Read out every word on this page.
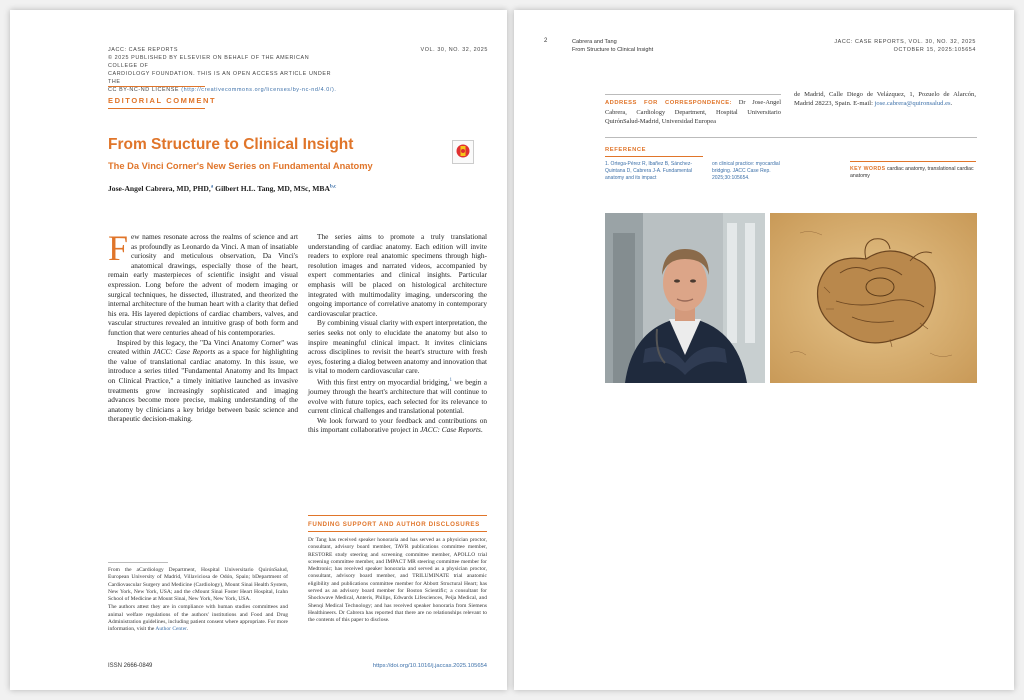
JACC: CASE REPORTS
© 2025 PUBLISHED BY ELSEVIER ON BEHALF OF THE AMERICAN COLLEGE OF
CARDIOLOGY FOUNDATION. THIS IS AN OPEN ACCESS ARTICLE UNDER THE
CC BY-NC-ND LICENSE (http://creativecommons.org/licenses/by-nc-nd/4.0/).
VOL. 30, NO. 32, 2025
EDITORIAL COMMENT
From Structure to Clinical Insight
The Da Vinci Corner's New Series on Fundamental Anatomy
Jose-Angel Cabrera, MD, PHD,$^a$ Gilbert H.L. Tang, MD, MSc, MBA$^{b,c}$

Few names resonate across the realms of science and art as profoundly as Leonardo da Vinci. A man of insatiable curiosity and meticulous observation, Da Vinci's anatomical drawings, especially those of the heart, remain early masterpieces of scientific insight and visual expression. Long before the advent of modern imaging or surgical techniques, he dissected, illustrated, and theorized the internal architecture of the human heart with a clarity that defied his era. His layered depictions of cardiac chambers, valves, and vascular structures revealed an intuitive grasp of both form and function that were centuries ahead of his contemporaries.

Inspired by this legacy, the "Da Vinci Anatomy Corner" was created within JACC: Case Reports as a space for highlighting the value of translational cardiac anatomy. In this issue, we introduce a series titled "Fundamental Anatomy and Its Impact on Clinical Practice," a timely initiative launched as invasive treatments grow increasingly sophisticated and imaging advances become more precise, making understanding of the anatomy by clinicians a key bridge between basic science and therapeutic decision-making.

The series aims to promote a truly translational understanding of cardiac anatomy. Each edition will invite readers to explore real anatomic specimens through high-resolution images and narrated videos, accompanied by expert commentaries and clinical insights. Particular emphasis will be placed on histological architecture integrated with multimodality imaging, underscoring the ongoing importance of correlative anatomy in contemporary cardiovascular practice.

By combining visual clarity with expert interpretation, the series seeks not only to elucidate the anatomy but also to inspire meaningful clinical impact. It invites clinicians across disciplines to revisit the heart's structure with fresh eyes, fostering a dialog between anatomy and innovation that is vital to modern cardiovascular care.

With this first entry on myocardial bridging,$^1$ we begin a journey through the heart's architecture that will continue to evolve with future topics, each selected for its relevance to current clinical challenges and translational potential.

We look forward to your feedback and contributions on this important collaborative project in JACC: Case Reports.

FUNDING SUPPORT AND AUTHOR DISCLOSURES
Dr Tang has received speaker honoraria and has served as a physician proctor, consultant, advisory board member, TAVR publications committee member, RESTORE study steering and screening committee member, APOLLO trial screening committee member, and IMPACT MR steering committee member for Medtronic; has received speaker honoraria and served as a physician proctor, consultant, advisory board member, and TRILUMINATE trial anatomic eligibility and publications committee member for Abbott Structural Heart; has served as an advisory board member for Boston Scientific; a consultant for Shockwave Medical, Anteris, Philips, Edwards Lifesciences, Peija Medical, and Shenqi Medical Technology; and has received speaker honoraria from Siemens Healthineers. Dr Cabrera has reported that there are no relationships relevant to the contents of this paper to disclose.

From the aCardiology Department, Hospital Universitario QuirónSalud, European University of Madrid, Villaviciosa de Odón, Spain; bDepartment of Cardiovascular Surgery and Medicine (Cardiology), Mount Sinai Health System, New York, New York, USA; and the cMount Sinai Foster Heart Hospital, Icahn School of Medicine at Mount Sinai, New York, New York, USA.

The authors attest they are in compliance with human studies committees and animal welfare regulations of the authors' institutions and Food and Drug Administration guidelines, including patient consent where appropriate. For more information, visit the Author Center.

ISSN 2666-0849	https://doi.org/10.1016/j.jaccas.2025.105654
2	Cabrera and Tang
From Structure to Clinical Insight
JACC: CASE REPORTS, VOL. 30, NO. 32, 2025
OCTOBER 15, 2025:105654
ADDRESS FOR CORRESPONDENCE: Dr Jose-Angel Cabrera, Cardiology Department, Hospital Universitario QuirónSalud-Madrid, Universidad Europea
de Madrid, Calle Diego de Velázquez, 1, Pozuelo de Alarcón, Madrid 28223, Spain. E-mail: jose.cabrera@quironsalud.es.
REFERENCE
1. Ortega-Pérez R, Ibañez B, Sánchez-Quintana D, Cabrera J-A. Fundamental anatomy and its impact
on clinical practice: myocardial bridging. JACC Case Rep. 2025;30:105654.
KEY WORDS cardiac anatomy, translational cardiac anatomy
